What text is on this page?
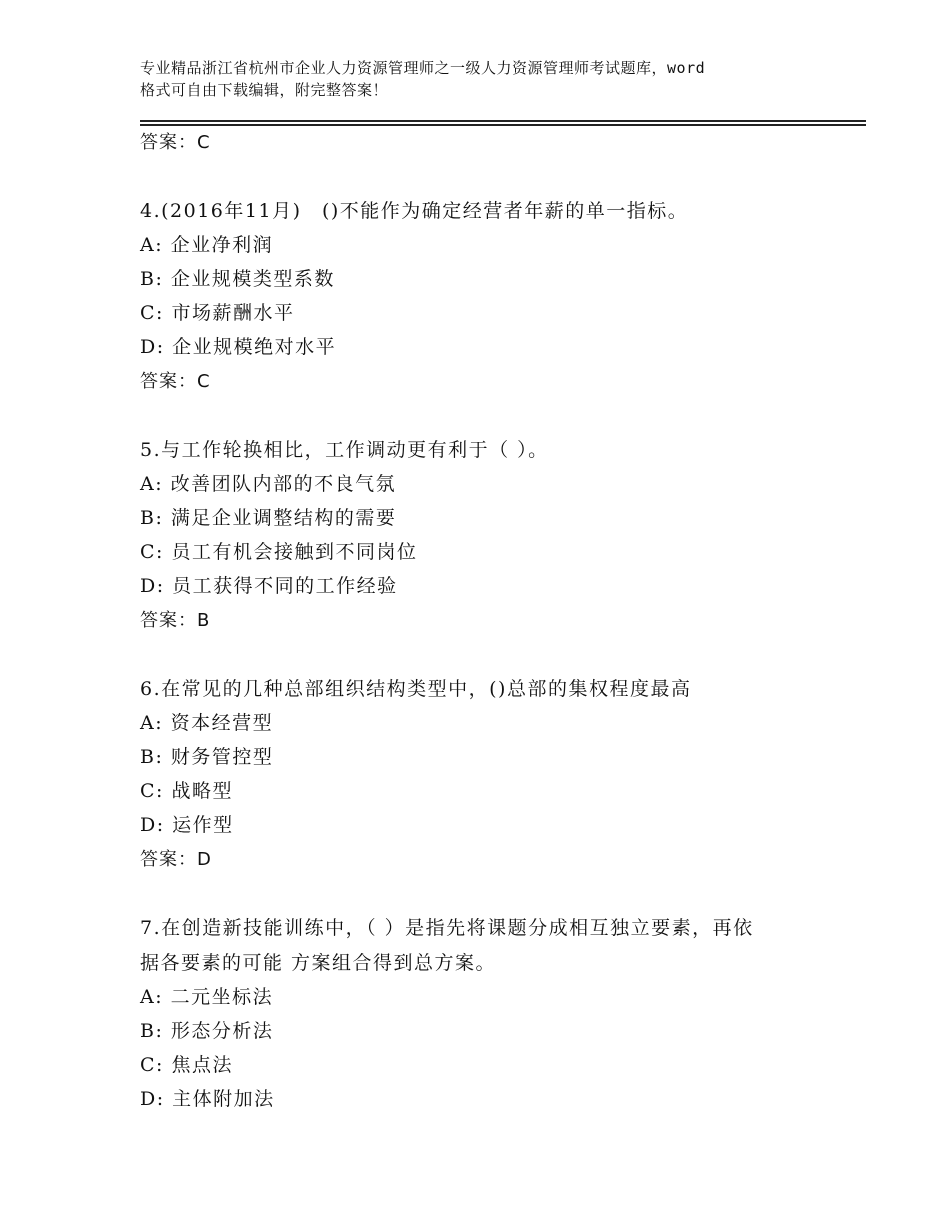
专业精品浙江省杭州市企业人力资源管理师之一级人力资源管理师考试题库，word
格式可自由下载编辑，附完整答案！
答案：C
4.(2016年11月)　()不能作为确定经营者年薪的单一指标。
A: 企业净利润
B: 企业规模类型系数
C: 市场薪酬水平
D: 企业规模绝对水平
答案：C
5.与工作轮换相比，工作调动更有利于（ ）。
A: 改善团队内部的不良气氛
B: 满足企业调整结构的需要
C: 员工有机会接触到不同岗位
D: 员工获得不同的工作经验
答案：B
6.在常见的几种总部组织结构类型中，()总部的集权程度最高
A: 资本经营型
B: 财务管控型
C: 战略型
D: 运作型
答案：D
7.在创造新技能训练中，（ ）是指先将课题分成相互独立要素，再依
据各要素的可能 方案组合得到总方案。
A: 二元坐标法
B: 形态分析法
C: 焦点法
D: 主体附加法
